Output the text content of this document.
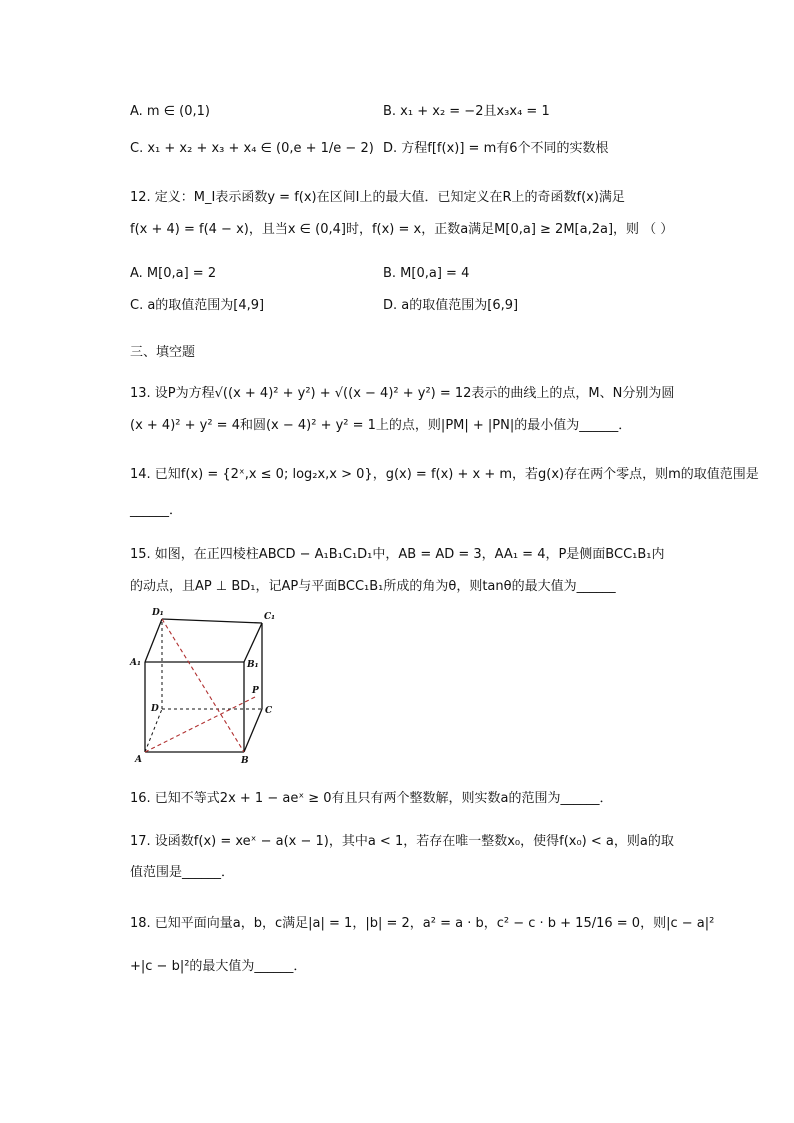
A. m ∈ (0,1)	B. x₁ + x₂ = −2且x₃x₄ = 1
C. x₁ + x₂ + x₃ + x₄ ∈ (0,e + 1/e − 2) D. 方程f[f(x)] = m有6个不同的实数根
12. 定义：M_I表示函数y = f(x)在区间I上的最大值．已知定义在R上的奇函数f(x)满足
f(x + 4) = f(4 − x)，且当x ∈ (0,4]时，f(x) = x，正数a满足M[0,a] ≥ 2M[a,2a]，则 （ ）
A. M[0,a] = 2	B. M[0,a] = 4
C. a的取值范围为[4,9]	D. a的取值范围为[6,9]
三、填空题
13. 设P为方程√((x + 4)² + y²) + √((x − 4)² + y²) = 12表示的曲线上的点，M、N分别为圆
(x + 4)² + y² = 4和圆(x − 4)² + y² = 1上的点，则|PM| + |PN|的最小值为______．
14. 已知f(x) = {2ˣ,x ≤ 0; log₂x,x > 0}，g(x) = f(x) + x + m，若g(x)存在两个零点，则m的取值范围是
______．
15. 如图，在正四棱柱ABCD − A₁B₁C₁D₁中，AB = AD = 3，AA₁ = 4，P是侧面BCC₁B₁内
的动点，且AP ⊥ BD₁，记AP与平面BCC₁B₁所成的角为θ，则tanθ的最大值为______
D₁	C₁
A₁	B₁
D	C
P
A	B
16. 已知不等式2x + 1 − aeˣ ≥ 0有且只有两个整数解，则实数a的范围为______．
17. 设函数f(x) = xeˣ − a(x − 1)，其中a < 1，若存在唯一整数x₀，使得f(x₀) < a，则a的取
值范围是______．
18. 已知平面向量a，b，c满足|a| = 1，|b| = 2，a² = a · b，c² − c · b + 15/16 = 0，则|c − a|²
+|c − b|²的最大值为______．
